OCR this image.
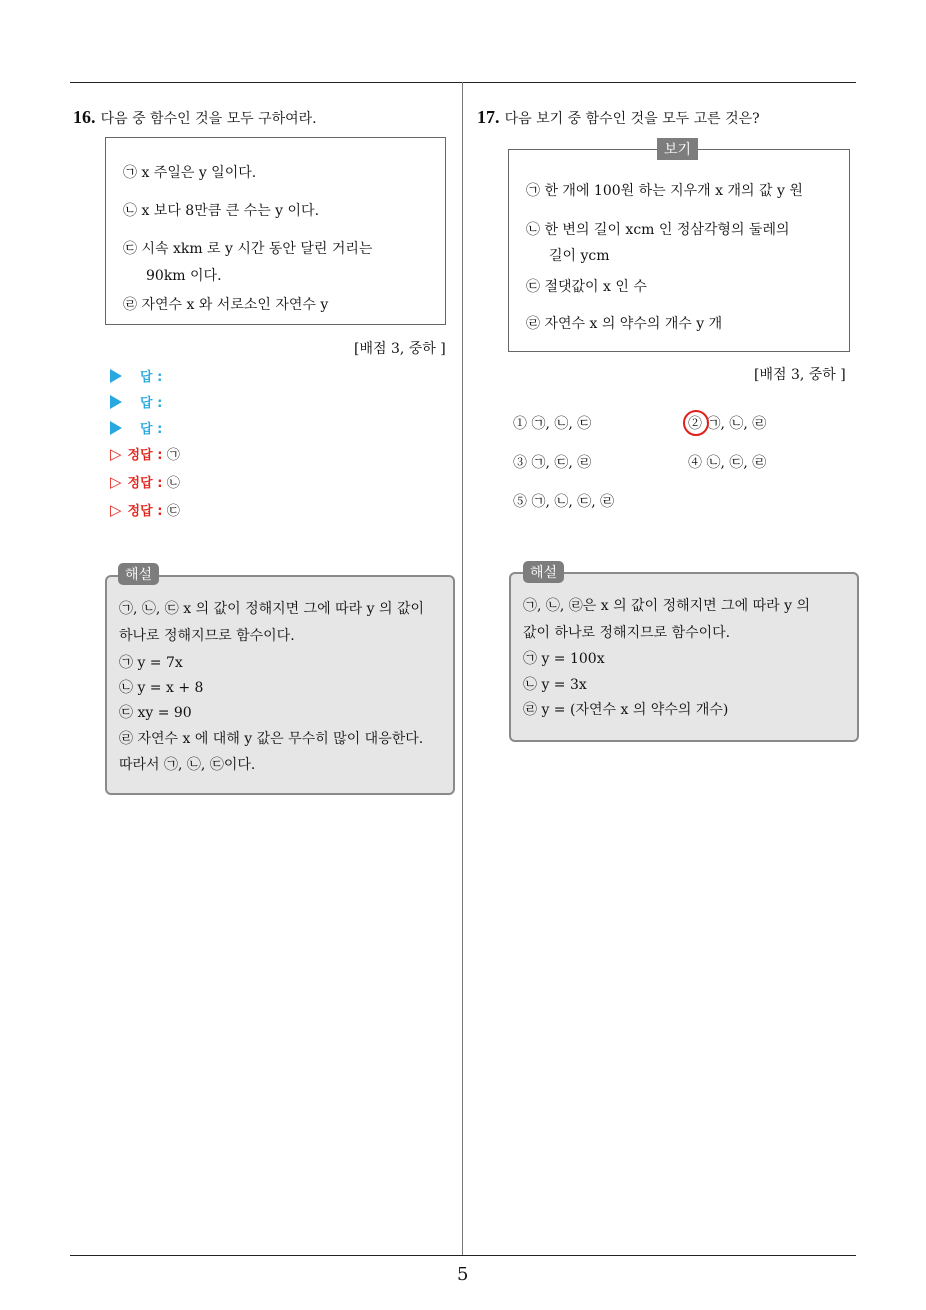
16. 다음 중 함수인 것을 모두 구하여라.
㉠ x 주일은 y 일이다.
㉡ x 보다 8만큼 큰 수는 y 이다.
㉢ 시속 xkm 로 y 시간 동안 달린 거리는
90km 이다.
㉣ 자연수 x 와 서로소인 자연수 y
[배점 3, 중하 ]
답 :
답 :
답 :
▷ 정답 : ㉠
▷ 정답 : ㉡
▷ 정답 : ㉢
㉠, ㉡, ㉢ x 의 값이 정해지면 그에 따라 y 의 값이
하나로 정해지므로 함수이다.
㉠ y = 7x
㉡ y = x + 8
㉢ xy = 90
㉣ 자연수 x 에 대해 y 값은 무수히 많이 대응한다.
따라서 ㉠, ㉡, ㉢이다.
해설
17. 다음 보기 중 함수인 것을 모두 고른 것은?
㉠ 한 개에 100원 하는 지우개 x 개의 값 y 원
㉡ 한 변의 길이 xcm 인 정삼각형의 둘레의
길이 ycm
㉢ 절댓값이 x 인 수
㉣ 자연수 x 의 약수의 개수 y 개
보기
[배점 3, 중하 ]
① ㉠, ㉡, ㉢	② ㉠, ㉡, ㉣
③ ㉠, ㉢, ㉣	④ ㉡, ㉢, ㉣
⑤ ㉠, ㉡, ㉢, ㉣
㉠, ㉡, ㉣은 x 의 값이 정해지면 그에 따라 y 의
값이 하나로 정해지므로 함수이다.
㉠ y = 100x
㉡ y = 3x
㉣ y = (자연수 x 의 약수의 개수)
해설
5
